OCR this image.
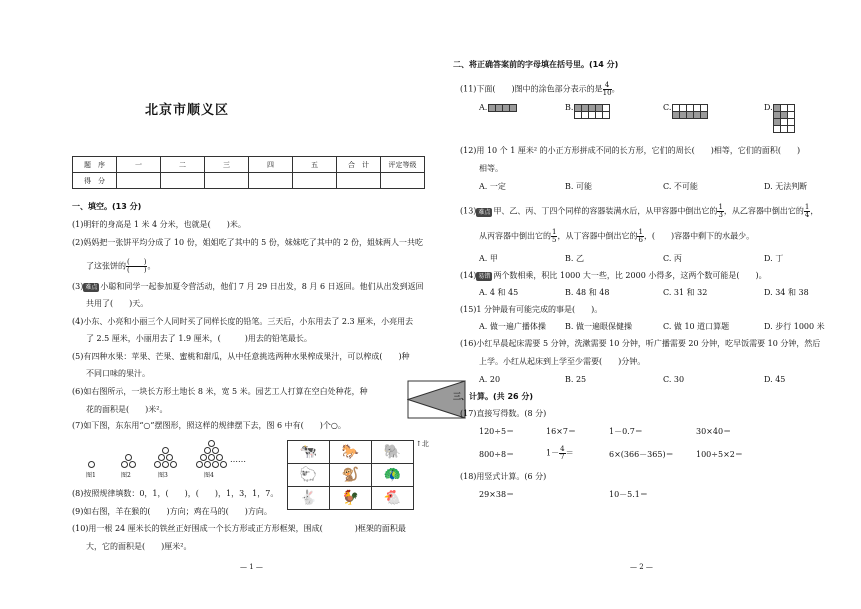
北京市顺义区
题　序	一	二	三	四	五	合　计	评定等级
得　分							
一、填空。(13 分)
(1)明轩的身高是 1 米 4 分米，也就是(　　)米。
(2)妈妈把一张饼平均分成了 10 份，姐姐吃了其中的 5 份，妹妹吃了其中的 2 份，姐妹两人一共吃
了这张饼的 $\frac{( )}{( )}$ 。
(3) 难点 小聪和同学一起参加夏令营活动，他们 7 月 29 日出发，8 月 6 日返回。他们从出发到返回
共用了(　　)天。
(4)小东、小亮和小丽三个人同时买了同样长度的铅笔。三天后，小东用去了 2.3 厘米，小亮用去
了 2.5 厘米，小丽用去了 1.9 厘米，(　　　)用去的铅笔最长。
(5)有四种水果：苹果、芒果、蜜桃和甜瓜，从中任意挑选两种水果榨成果汁，可以榨成(　　)种
不同口味的果汁。
(6)如右图所示，一块长方形土地长 8 米，宽 5 米。园艺工人打算在空白处种花，种
花的面积是(　　)米²。
(7)如下图，东东用“○”摆图形，照这样的规律摆下去，图 6 中有(　　)个○。
……
图1	图2	图3	图4
🐄	🐎	🐘
🐑	🐒	🦚
🐇	🐓	🐔
↑北
(8)按照规律填数：0，1，(　　)，(　　)，1，3，1，7。
(9)如右图，羊在猴的(　　)方向；鸡在马的(　　)方向。
(10)用一根 24 厘米长的铁丝正好围成一个长方形或正方形框架，围成(　　　　)框架的面积最
大，它的面积是(　　)厘米²。
— 1 —
二、将正确答案前的字母填在括号里。(14 分)
(11)下面(　　)图中的涂色部分表示的是 $\frac{4}{10}$ 。
A.	B.	C.	D.
(12)用 10 个 1 厘米² 的小正方形拼成不同的长方形，它们的周长(　　)相等，它们的面积(　　)
相等。
A. 一定	B. 可能	C. 不可能	D. 无法判断
(13) 难点 甲、乙、丙、丁四个同样的容器装满水后，从甲容器中倒出它的 $\frac{1}{3}$ ，从乙容器中倒出它的 $\frac{1}{4}$ ，
从丙容器中倒出它的 $\frac{1}{5}$ ，从丁容器中倒出它的 $\frac{1}{6}$ ，(　　)容器中剩下的水最少。
A. 甲	B. 乙	C. 丙	D. 丁
(14) 易错 两个数相乘，积比 1000 大一些，比 2000 小得多，这两个数可能是(　　)。
A. 4 和 45	B. 48 和 48	C. 31 和 32	D. 34 和 38
(15)1 分钟最有可能完成的事是(　　)。
A. 做一遍广播体操 B. 做一遍眼保健操	C. 做 10 道口算题	D. 步行 1000 米
(16)小红早晨起床需要 5 分钟，洗漱需要 10 分钟，听广播需要 20 分钟，吃早饭需要 10 分钟，然后
上学。小红从起床到上学至少需要(　　)分钟。
A. 20	B. 25	C. 30	D. 45
三、计算。(共 26 分)
(17)直接写得数。(8 分)
120÷5＝	16×7＝	1－0.7＝	30×40＝
800÷8＝	$1- \frac{4}{7}$ ＝	6×(366－365)＝	100÷5×2＝
(18)用竖式计算。(6 分)
29×38＝	10－5.1＝
— 2 —
